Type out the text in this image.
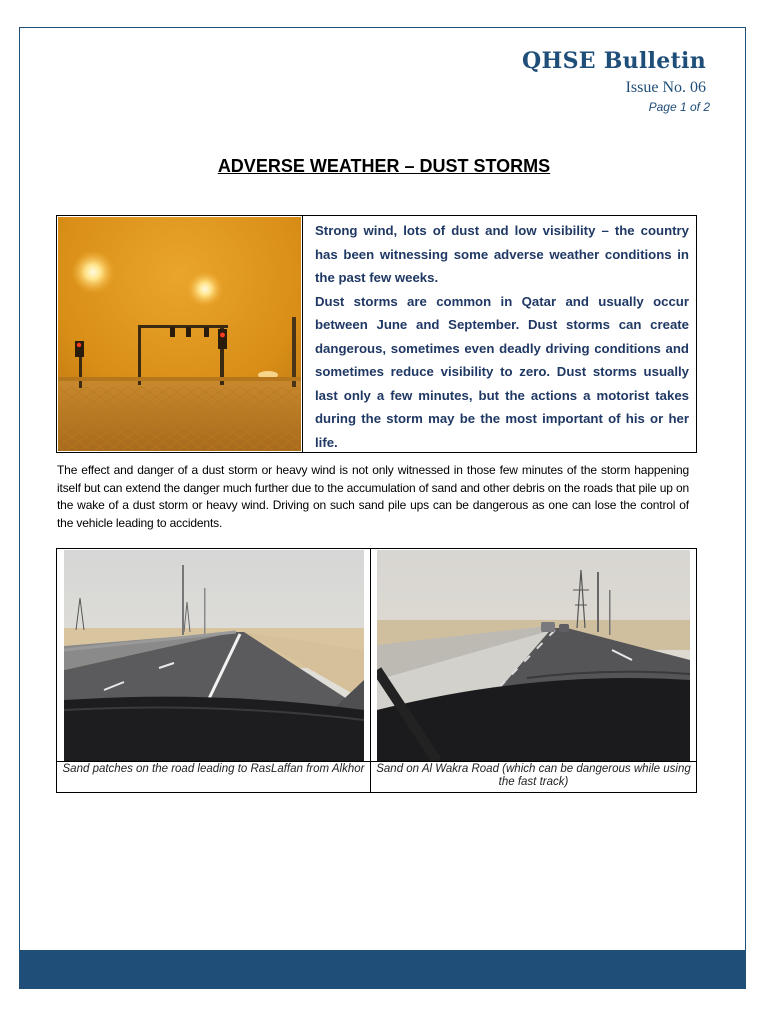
QHSE Bulletin
Issue No. 06
Page 1 of 2
ADVERSE WEATHER – DUST STORMS

Strong wind, lots of dust and low visibility – the country has been witnessing some adverse weather conditions in the past few weeks.

Dust storms are common in Qatar and usually occur between June and September. Dust storms can create dangerous, sometimes even deadly driving conditions and sometimes reduce visibility to zero. Dust storms usually last only a few minutes, but the actions a motorist takes during the storm may be the most important of his or her life.

The effect and danger of a dust storm or heavy wind is not only witnessed in those few minutes of the storm happening itself but can extend the danger much further due to the accumulation of sand and other debris on the roads that pile up on the wake of a dust storm or heavy wind. Driving on such sand pile ups can be dangerous as one can lose the control of the vehicle leading to accidents.
Sand patches on the road leading to RasLaffan from Alkhor	Sand on Al Wakra Road (which can be dangerous while using the fast track)
